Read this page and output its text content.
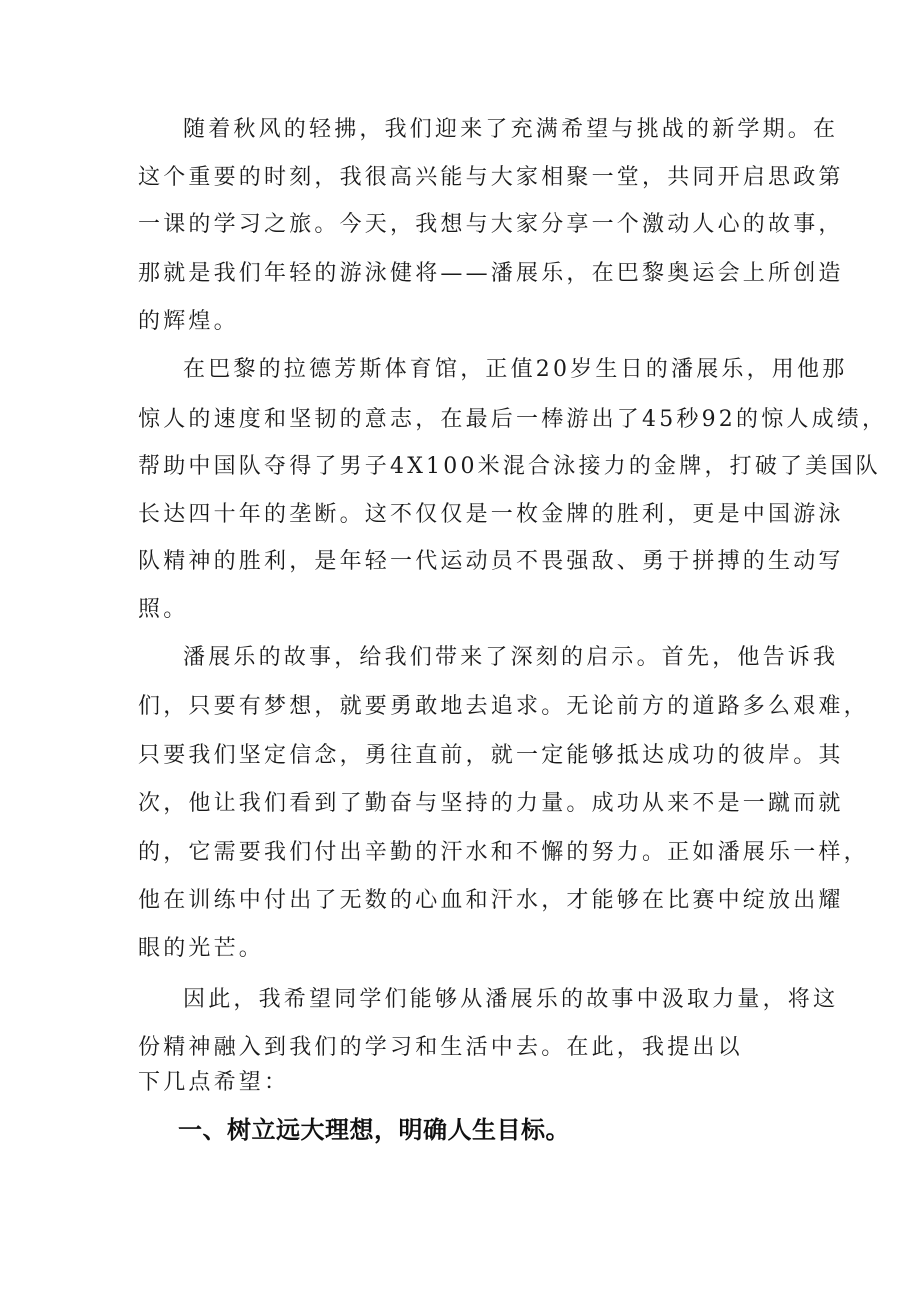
随着秋风的轻拂，我们迎来了充满希望与挑战的新学期。在

这个重要的时刻，我很高兴能与大家相聚一堂，共同开启思政第

一课的学习之旅。今天，我想与大家分享一个激动人心的故事，

那就是我们年轻的游泳健将——潘展乐，在巴黎奥运会上所创造

的辉煌。

在巴黎的拉德芳斯体育馆，正值20岁生日的潘展乐，用他那

惊人的速度和坚韧的意志，在最后一棒游出了45秒92的惊人成绩，

帮助中国队夺得了男子4X100米混合泳接力的金牌，打破了美国队

长达四十年的垄断。这不仅仅是一枚金牌的胜利，更是中国游泳

队精神的胜利，是年轻一代运动员不畏强敌、勇于拼搏的生动写

照。

潘展乐的故事，给我们带来了深刻的启示。首先，他告诉我

们，只要有梦想，就要勇敢地去追求。无论前方的道路多么艰难，

只要我们坚定信念，勇往直前，就一定能够抵达成功的彼岸。其

次，他让我们看到了勤奋与坚持的力量。成功从来不是一蹴而就

的，它需要我们付出辛勤的汗水和不懈的努力。正如潘展乐一样，

他在训练中付出了无数的心血和汗水，才能够在比赛中绽放出耀

眼的光芒。

因此，我希望同学们能够从潘展乐的故事中汲取力量，将这

份精神融入到我们的学习和生活中去。在此，我提出以

下几点希望：

一、树立远大理想，明确人生目标。
